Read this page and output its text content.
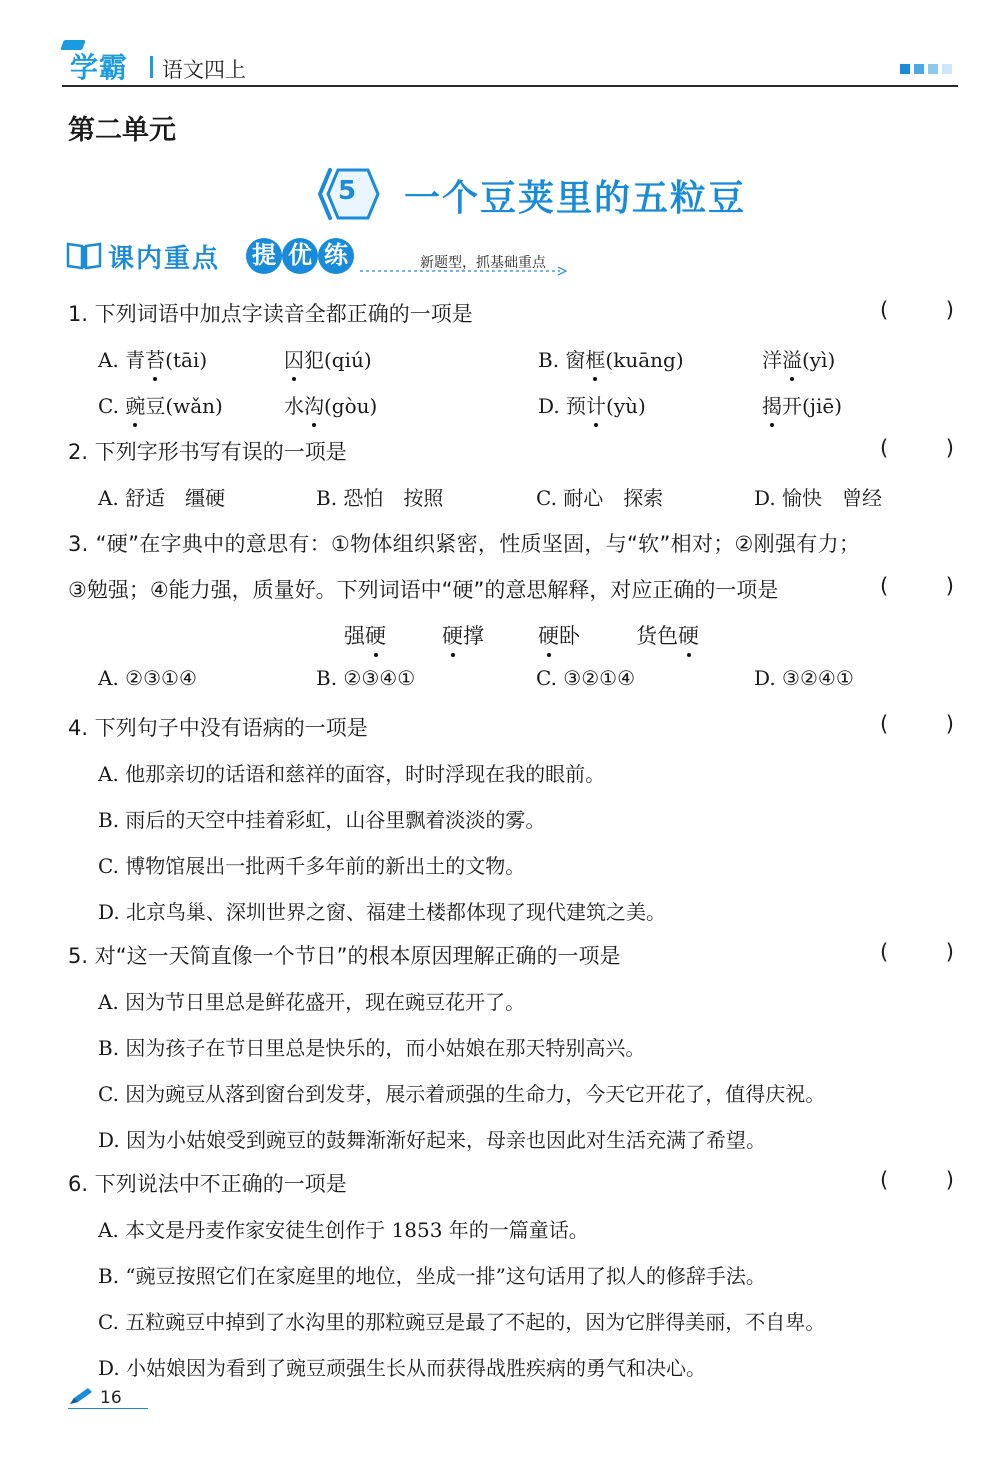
学霸 语文四上
第二单元
5	一个豆荚里的五粒豆
课内重点 提 优 练	新题型，抓基础重点
1. 下列词语中加点字读音全都正确的一项是	(	)
A. 青苔(tāi)	囚犯(qiú)	B. 窗框(kuāng)	洋溢(yì)
C. 豌豆(wǎn)	水沟(gòu)	D. 预计(yù)	揭开(jiē)
2. 下列字形书写有误的一项是	(	)
A. 舒适　缰硬	B. 恐怕　按照	C. 耐心　探索	D. 愉快　曾经
3. “硬”在字典中的意思有：①物体组织紧密，性质坚固，与“软”相对；②刚强有力；
③勉强；④能力强，质量好。下列词语中“硬”的意思解释，对应正确的一项是	(	)
强硬	硬撑	硬卧	货色硬
A. ②③①④	B. ②③④①	C. ③②①④	D. ③②④①
4. 下列句子中没有语病的一项是	(	)
A. 他那亲切的话语和慈祥的面容，时时浮现在我的眼前。
B. 雨后的天空中挂着彩虹，山谷里飘着淡淡的雾。
C. 博物馆展出一批两千多年前的新出土的文物。
D. 北京鸟巢、深圳世界之窗、福建土楼都体现了现代建筑之美。
5. 对“这一天简直像一个节日”的根本原因理解正确的一项是	(	)
A. 因为节日里总是鲜花盛开，现在豌豆花开了。
B. 因为孩子在节日里总是快乐的，而小姑娘在那天特别高兴。
C. 因为豌豆从落到窗台到发芽，展示着顽强的生命力，今天它开花了，值得庆祝。
D. 因为小姑娘受到豌豆的鼓舞渐渐好起来，母亲也因此对生活充满了希望。
6. 下列说法中不正确的一项是	(	)
A. 本文是丹麦作家安徒生创作于 1853 年的一篇童话。
B. “豌豆按照它们在家庭里的地位，坐成一排”这句话用了拟人的修辞手法。
C. 五粒豌豆中掉到了水沟里的那粒豌豆是最了不起的，因为它胖得美丽，不自卑。
D. 小姑娘因为看到了豌豆顽强生长从而获得战胜疾病的勇气和决心。
16
